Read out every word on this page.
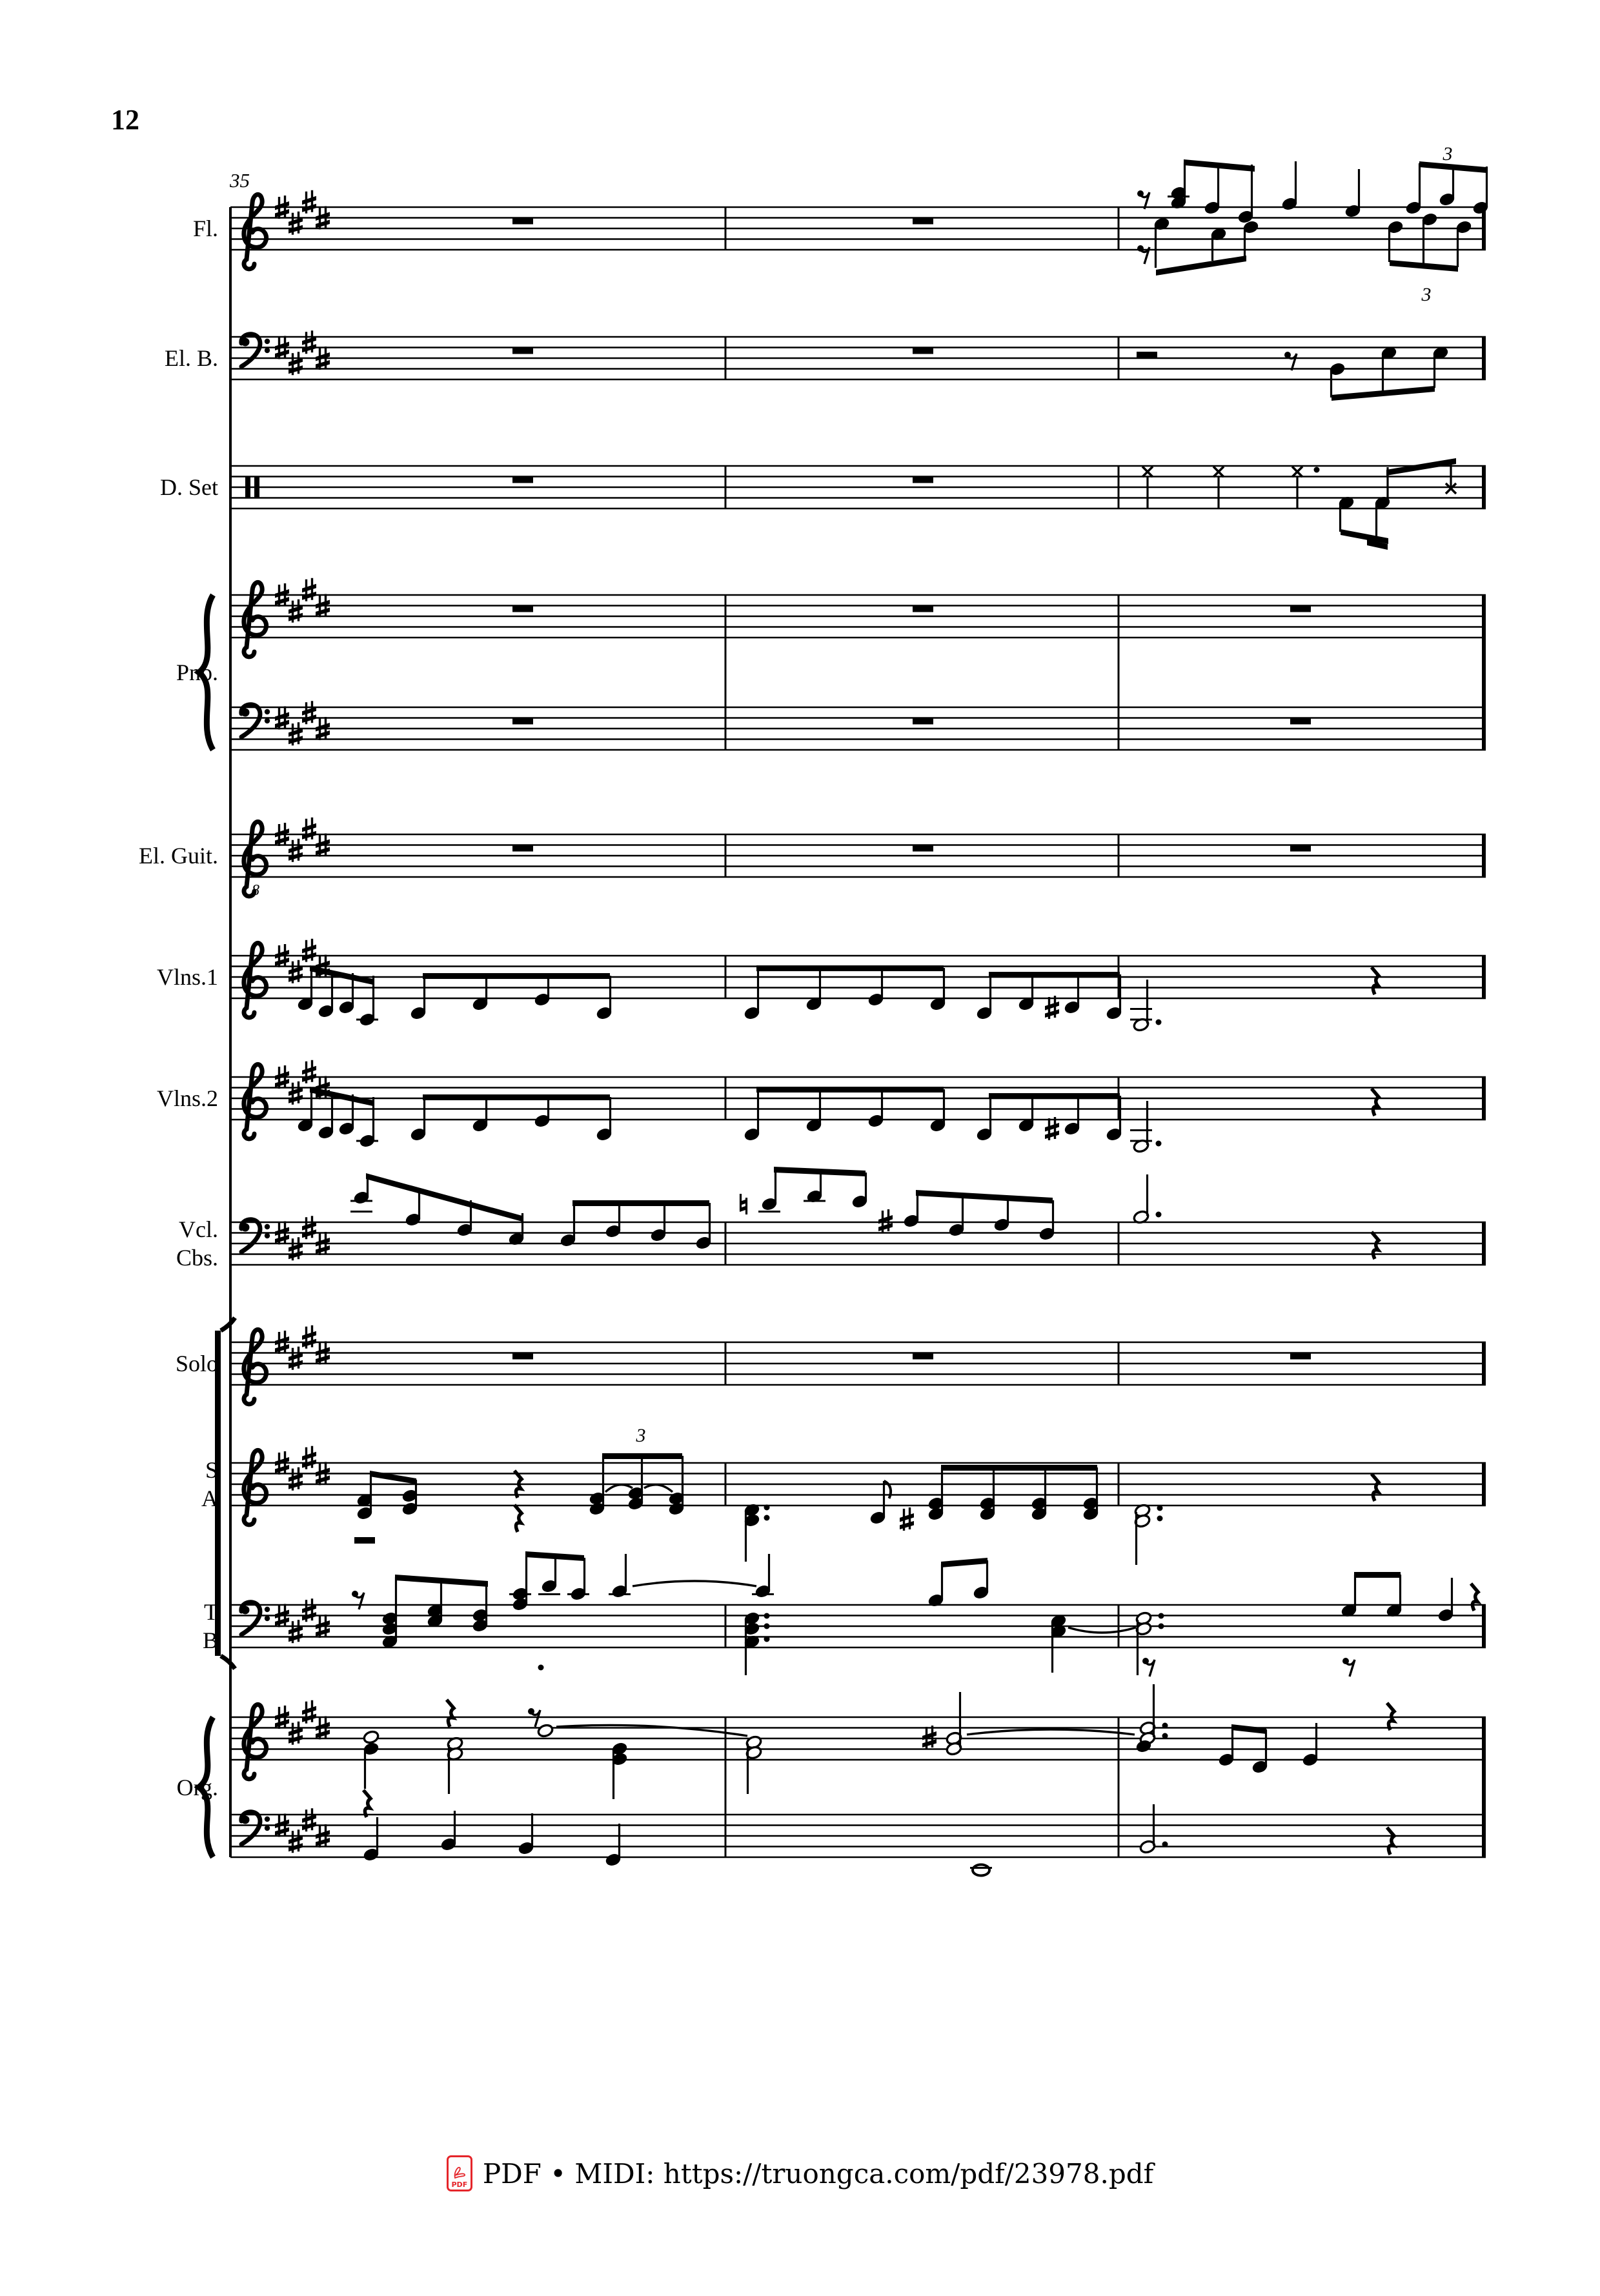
12
35
Fl.
El. B.
D. Set
El. Guit.
8
Vlns.1
Vlns.2
Vcl.
Cbs.
Solo
S
A
T
B
Pno.
Org.
3
3
3
PDF PDF • MIDI: https://truongca.com/pdf/23978.pdf
